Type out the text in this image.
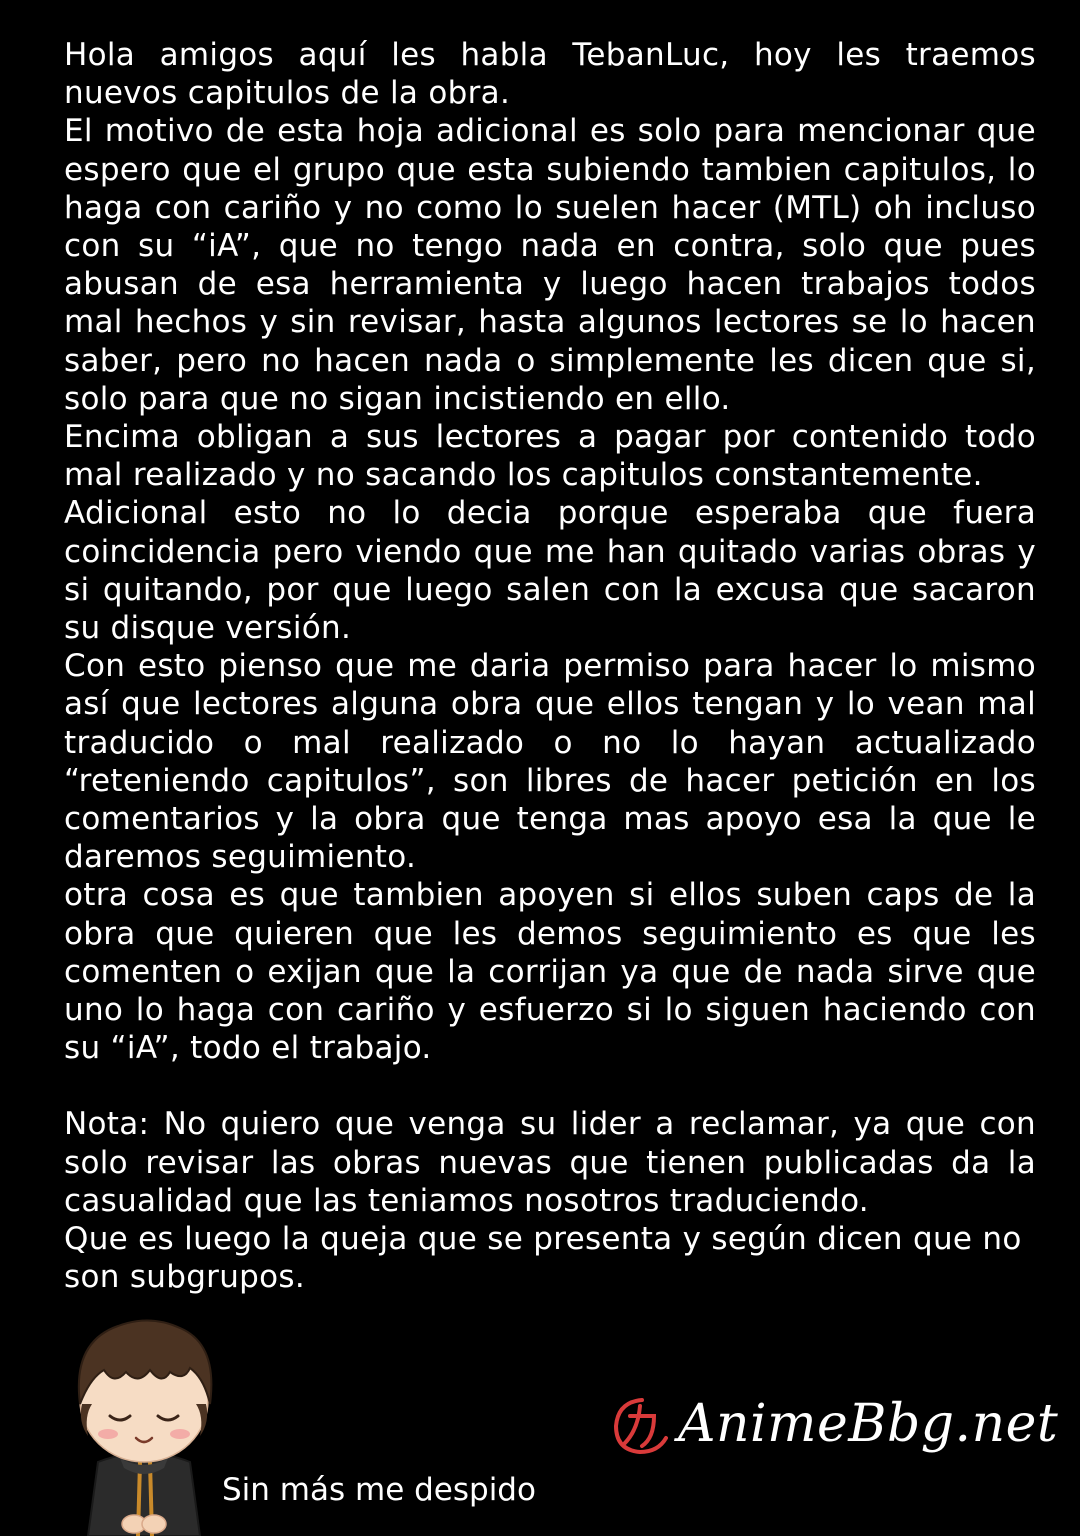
Hola amigos aquí les habla TebanLuc, hoy les traemos nuevos capitulos de la obra.

El motivo de esta hoja adicional es solo para mencionar que espero que el grupo que esta subiendo tambien capitulos, lo haga con cariño y no como lo suelen hacer (MTL) oh incluso con su “iA”, que no tengo nada en contra, solo que pues abusan de esa herramienta y luego hacen trabajos todos mal hechos y sin revisar, hasta algunos lectores se lo hacen saber, pero no hacen nada o simplemente les dicen que si, solo para que no sigan incistiendo en ello.

Encima obligan a sus lectores a pagar por contenido todo mal realizado y no sacando los capitulos constantemente.

Adicional esto no lo decia porque esperaba que fuera coincidencia pero viendo que me han quitado varias obras y si quitando, por que luego salen con la excusa que sacaron su disque versión.

Con esto pienso que me daria permiso para hacer lo mismo así que lectores alguna obra que ellos tengan y lo vean mal traducido o mal realizado o no lo hayan actualizado “reteniendo capitulos”, son libres de hacer petición en los comentarios y la obra que tenga mas apoyo esa la que le daremos seguimiento.

otra cosa es que tambien apoyen si ellos suben caps de la obra que quieren que les demos seguimiento es que les comenten o exijan que la corrijan ya que de nada sirve que uno lo haga con cariño y esfuerzo si lo siguen haciendo con su “iA”, todo el trabajo.

Nota: No quiero que venga su lider a reclamar, ya que con solo revisar las obras nuevas que tienen publicadas da la casualidad que las teniamos nosotros traduciendo.

Que es luego la queja que se presenta y según dicen que no son subgrupos.

Sin más me despido
AnimeBbg.net
